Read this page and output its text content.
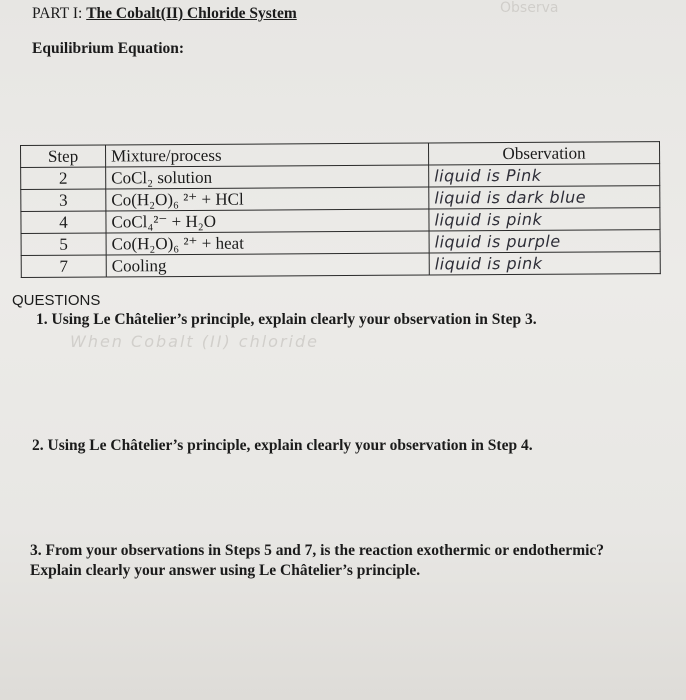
PART I: The Cobalt(II) Chloride System
Equilibrium Equation:
Observa
Step	Mixture/process	Observation
2	CoCl₂ solution	liquid is Pink
3	Co(H₂O)₆ ²⁺ + HCl	liquid is dark blue
4	CoCl₄²⁻ + H₂O	liquid is pink
5	Co(H₂O)₆ ²⁺ + heat	liquid is purple
7	Cooling	liquid is pink
QUESTIONS
1. Using Le Châtelier’s principle, explain clearly your observation in Step 3.
When Cobalt (II) chloride
2. Using Le Châtelier’s principle, explain clearly your observation in Step 4.
3. From your observations in Steps 5 and 7, is the reaction exothermic or endothermic? Explain clearly your answer using Le Châtelier’s principle.
